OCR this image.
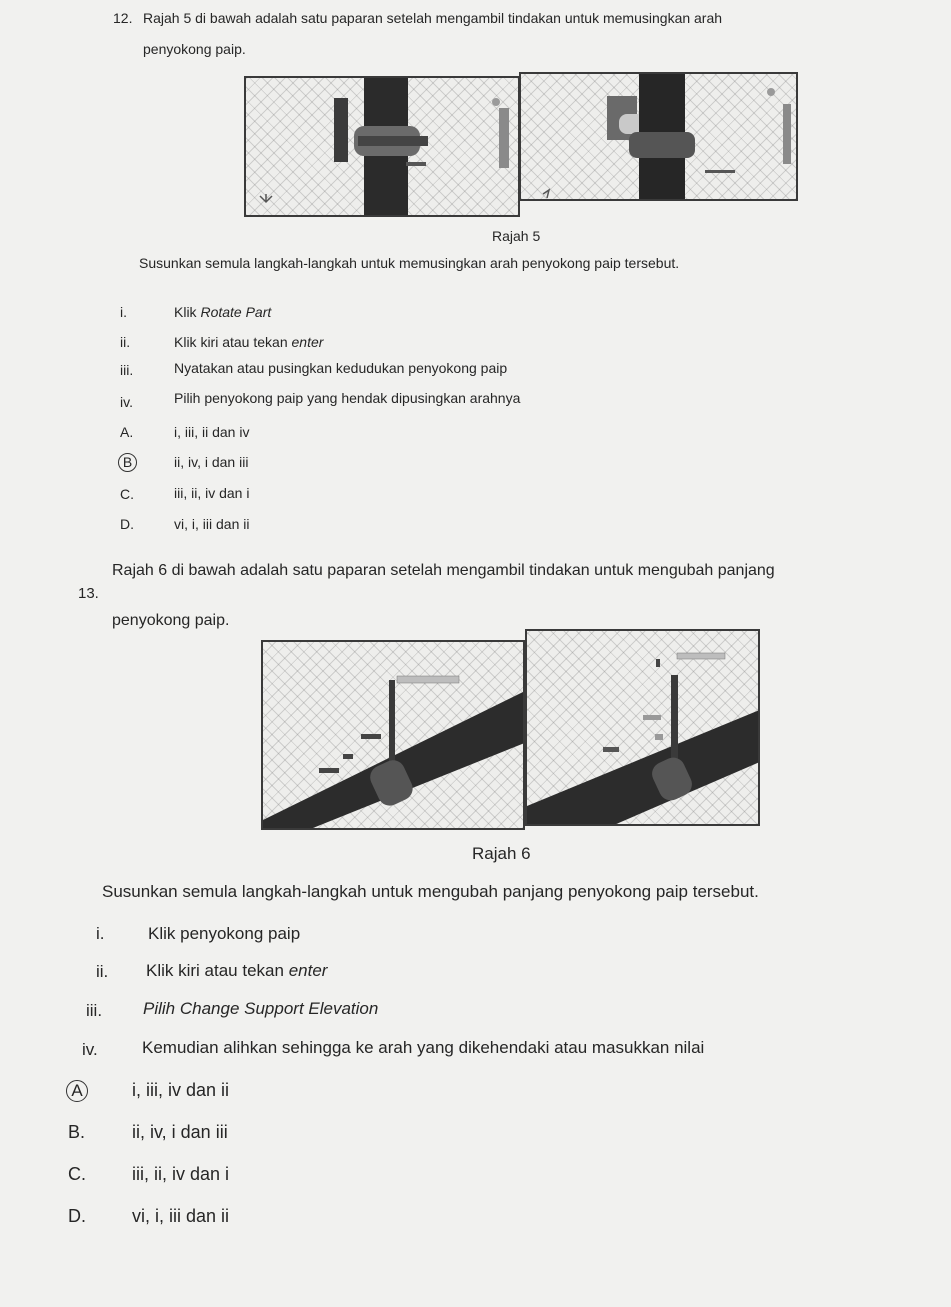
12. Rajah 5 di bawah adalah satu paparan setelah mengambil tindakan untuk memusingkan arah
penyokong paip.
Rajah 5
Susunkan semula langkah-langkah untuk memusingkan arah penyokong paip tersebut.
i.	Klik Rotate Part
ii.	Klik kiri atau tekan enter
iii.	Nyatakan atau pusingkan kedudukan penyokong paip
iv.	Pilih penyokong paip yang hendak dipusingkan arahnya
A.	i, iii, ii dan iv
B	ii, iv, i dan iii
C.	iii, ii, iv dan i
D.	vi, i, iii dan ii
13.
Rajah 6 di bawah adalah satu paparan setelah mengambil tindakan untuk mengubah panjang
penyokong paip.
Rajah 6
Susunkan semula langkah-langkah untuk mengubah panjang penyokong paip tersebut.
i.	Klik penyokong paip
ii. Klik kiri atau tekan enter
iii. Pilih Change Support Elevation
iv.	Kemudian alihkan sehingga ke arah yang dikehendaki atau masukkan nilai
A	i, iii, iv dan ii
B.	ii, iv, i dan iii
C.	iii, ii, iv dan i
D.	vi, i, iii dan ii
